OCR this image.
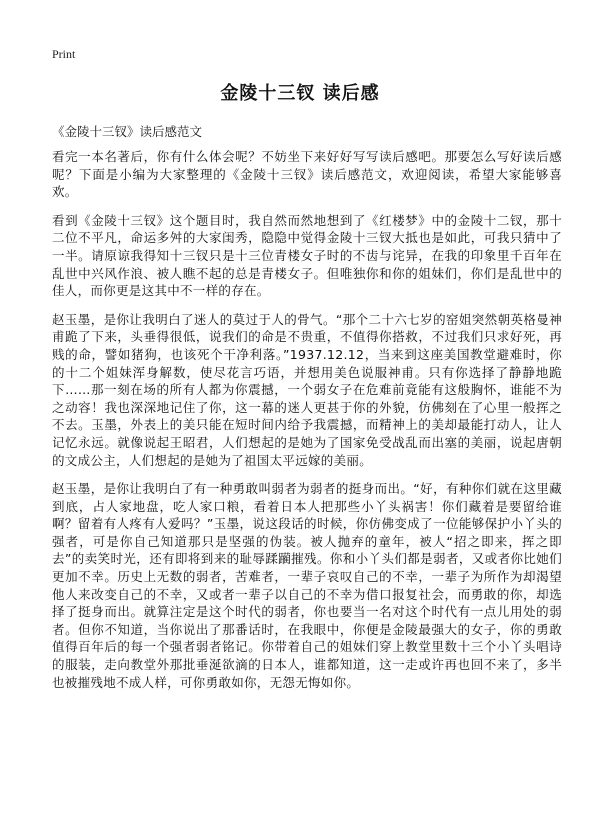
Print
金陵十三钗 读后感

《金陵十三钗》读后感范文

看完一本名著后，你有什么体会呢？不妨坐下来好好写写读后感吧。那要怎么写好读后感呢？下面是小编为大家整理的《金陵十三钗》读后感范文，欢迎阅读，希望大家能够喜欢。

看到《金陵十三钗》这个题目时，我自然而然地想到了《红楼梦》中的金陵十二钗，那十二位不平凡，命运多舛的大家闺秀，隐隐中觉得金陵十三钗大抵也是如此，可我只猜中了一半。请原谅我得知十三钗只是十三位青楼女子时的不齿与诧异，在我的印象里千百年在乱世中兴风作浪、被人瞧不起的总是青楼女子。但唯独你和你的姐妹们，你们是乱世中的佳人，而你更是这其中不一样的存在。

赵玉墨，是你让我明白了迷人的莫过于人的骨气。“那个二十六七岁的窑姐突然朝英格曼神甫跪了下来，头垂得很低，说我们的命是不贵重，不值得你搭救，不过我们只求好死，再贱的命，譬如猪狗，也该死个干净利落。”1937.12.12，当来到这座美国教堂避难时，你的十二个姐妹浑身解数，使尽花言巧语，并想用美色说服神甫。只有你选择了静静地跪下……那一刻在场的所有人都为你震撼，一个弱女子在危难前竟能有这般胸怀，谁能不为之动容！我也深深地记住了你，这一幕的迷人更甚于你的外貌，仿佛刻在了心里一般挥之不去。玉墨，外表上的美只能在短时间内给予我震撼，而精神上的美却最能打动人，让人记忆永远。就像说起王昭君，人们想起的是她为了国家免受战乱而出塞的美丽，说起唐朝的文成公主，人们想起的是她为了祖国太平远嫁的美丽。

赵玉墨，是你让我明白了有一种勇敢叫弱者为弱者的挺身而出。“好，有种你们就在这里藏到底，占人家地盘，吃人家口粮，看着日本人把那些小丫头祸害！你们藏着是要留给谁啊？留着有人疼有人爱吗？”玉墨，说这段话的时候，你仿佛变成了一位能够保护小丫头的强者，可是你自己知道那只是坚强的伪装。被人抛弃的童年，被人“招之即来，挥之即去”的卖笑时光，还有即将到来的耻辱蹂躏摧残。你和小丫头们都是弱者，又或者你比她们更加不幸。历史上无数的弱者，苦难者，一辈子哀叹自己的不幸，一辈子为所作为却渴望他人来改变自己的不幸，又或者一辈子以自己的不幸为借口报复社会，而勇敢的你，却选择了挺身而出。就算注定是这个时代的弱者，你也要当一名对这个时代有一点儿用处的弱者。但你不知道，当你说出了那番话时，在我眼中，你便是金陵最强大的女子，你的勇敢值得百年后的每一个强者弱者铭记。你带着自己的姐妹们穿上教堂里数十三个小丫头唱诗的服装，走向教堂外那批垂涎欲滴的日本人，谁都知道，这一走或许再也回不来了，多半也被摧残地不成人样，可你勇敢如你，无怨无悔如你。
